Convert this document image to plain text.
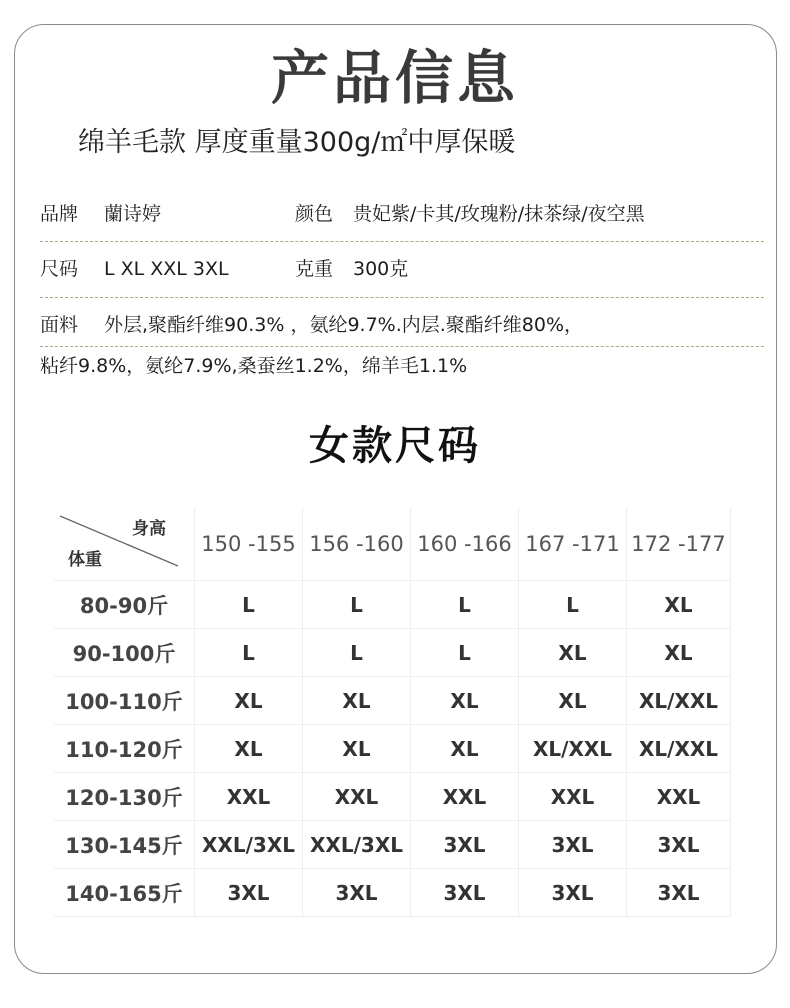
产品信息
绵羊毛款 厚度重量300g/㎡中厚保暖
品牌 蘭诗婷	颜色 贵妃紫/卡其/玫瑰粉/抹茶绿/夜空黑
尺码 L XL XXL 3XL	克重 300克
面料 外层,聚酯纤维90.3% ，氨纶9.7%.内层.聚酯纤维80%，
粘纤9.8%，氨纶7.9%,桑蚕丝1.2%，绵羊毛1.1%
女款尺码
身高
体重	150 -155	156 -160	160 -166	167 -171	172 -177
80-90斤	L	L	L	L	XL
90-100斤	L	L	L	XL	XL
100-110斤	XL	XL	XL	XL	XL/XXL
110-120斤	XL	XL	XL	XL/XXL	XL/XXL
120-130斤	XXL	XXL	XXL	XXL	XXL
130-145斤	XXL/3XL	XXL/3XL	3XL	3XL	3XL
140-165斤	3XL	3XL	3XL	3XL	3XL
